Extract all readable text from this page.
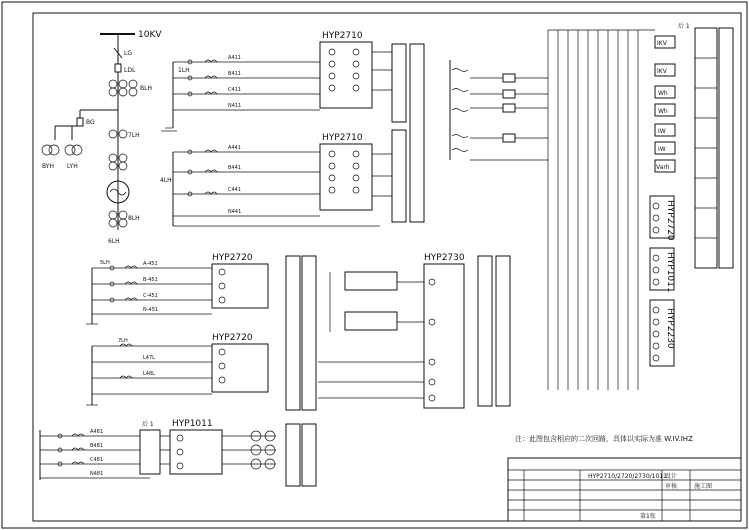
10KV
LG
LDL
BLH
BG
BYH LYH
7LH
8LH
6LH
1LH
A411
B411
C411
N411
HYP2710
4LH
A441
B441
C441
N441
HYP2710
5LH	A-451
B-451
C-451
N-451
HYP2720
7LH
L47L
L48L
HYP2720
HYP2730
A481
B481
C481
N481
后 1 HYP1011
后 1
IKV
IKV
Wh
Wh
IW
IW
Varh
HYP2720
HYP1011
HYP2230
注：此图包含相应的二次回路，具体以实际为准 W.IV.IHZ
HYP2710/2720/2730/1011
设计
审核	施工图
第1张
